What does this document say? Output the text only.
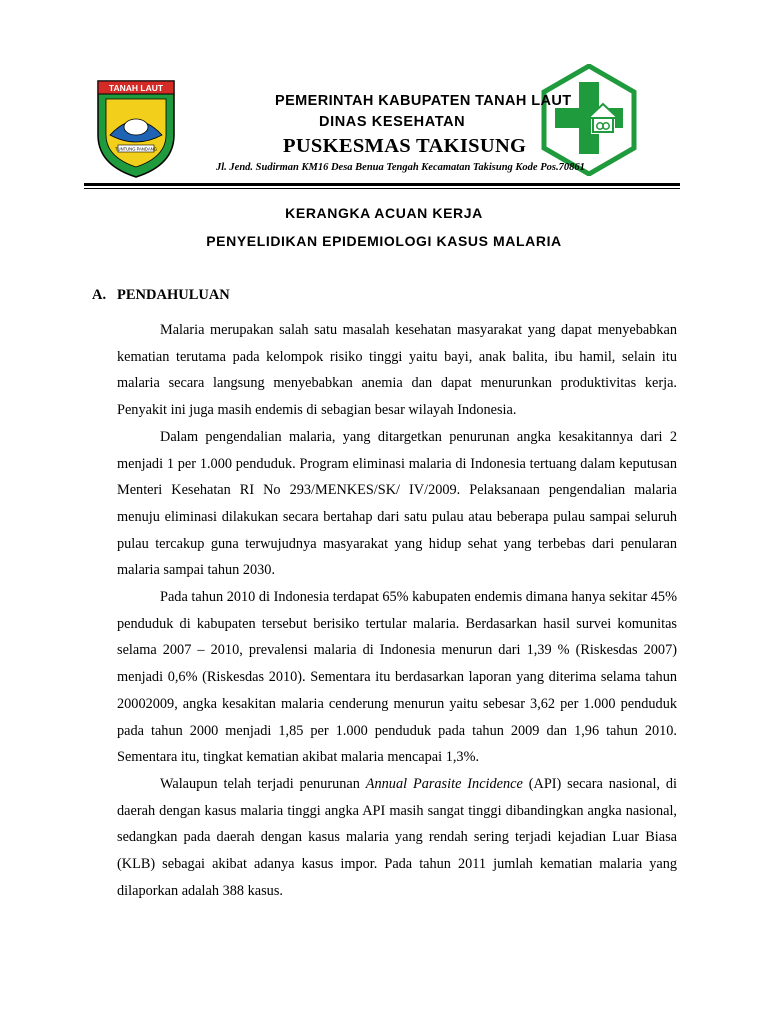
TANAH LAUT
TUNTUNG PANDANG
PEMERINTAH KABUPATEN TANAH LAUT
DINAS KESEHATAN
PUSKESMAS TAKISUNG
Jl. Jend. Sudirman KM16 Desa Benua Tengah Kecamatan Takisung Kode Pos.70861
KERANGKA ACUAN KERJA
PENYELIDIKAN EPIDEMIOLOGI KASUS MALARIA
A. PENDAHULUAN

Malaria merupakan salah satu masalah kesehatan masyarakat yang dapat menyebabkan kematian terutama pada kelompok risiko tinggi yaitu bayi, anak balita, ibu hamil, selain itu malaria secara langsung menyebabkan anemia dan dapat menurunkan produktivitas kerja. Penyakit ini juga masih endemis di sebagian besar wilayah Indonesia.

Dalam pengendalian malaria, yang ditargetkan penurunan angka kesakitannya dari 2 menjadi 1 per 1.000 penduduk. Program eliminasi malaria di Indonesia tertuang dalam keputusan Menteri Kesehatan RI No 293/MENKES/SK/ IV/2009. Pelaksanaan pengendalian malaria menuju eliminasi dilakukan secara bertahap dari satu pulau atau beberapa pulau sampai seluruh pulau tercakup guna terwujudnya masyarakat yang hidup sehat yang terbebas dari penularan malaria sampai tahun 2030.

Pada tahun 2010 di Indonesia terdapat 65% kabupaten endemis dimana hanya sekitar 45% penduduk di kabupaten tersebut berisiko tertular malaria. Berdasarkan hasil survei komunitas selama 2007 – 2010, prevalensi malaria di Indonesia menurun dari 1,39 % (Riskesdas 2007) menjadi 0,6% (Riskesdas 2010). Sementara itu berdasarkan laporan yang diterima selama tahun 20002009, angka kesakitan malaria cenderung menurun yaitu sebesar 3,62 per 1.000 penduduk pada tahun 2000 menjadi 1,85 per 1.000 penduduk pada tahun 2009 dan 1,96 tahun 2010. Sementara itu, tingkat kematian akibat malaria mencapai 1,3%.

Walaupun telah terjadi penurunan Annual Parasite Incidence (API) secara nasional, di daerah dengan kasus malaria tinggi angka API masih sangat tinggi dibandingkan angka nasional, sedangkan pada daerah dengan kasus malaria yang rendah sering terjadi kejadian Luar Biasa (KLB) sebagai akibat adanya kasus impor. Pada tahun 2011 jumlah kematian malaria yang dilaporkan adalah 388 kasus.
